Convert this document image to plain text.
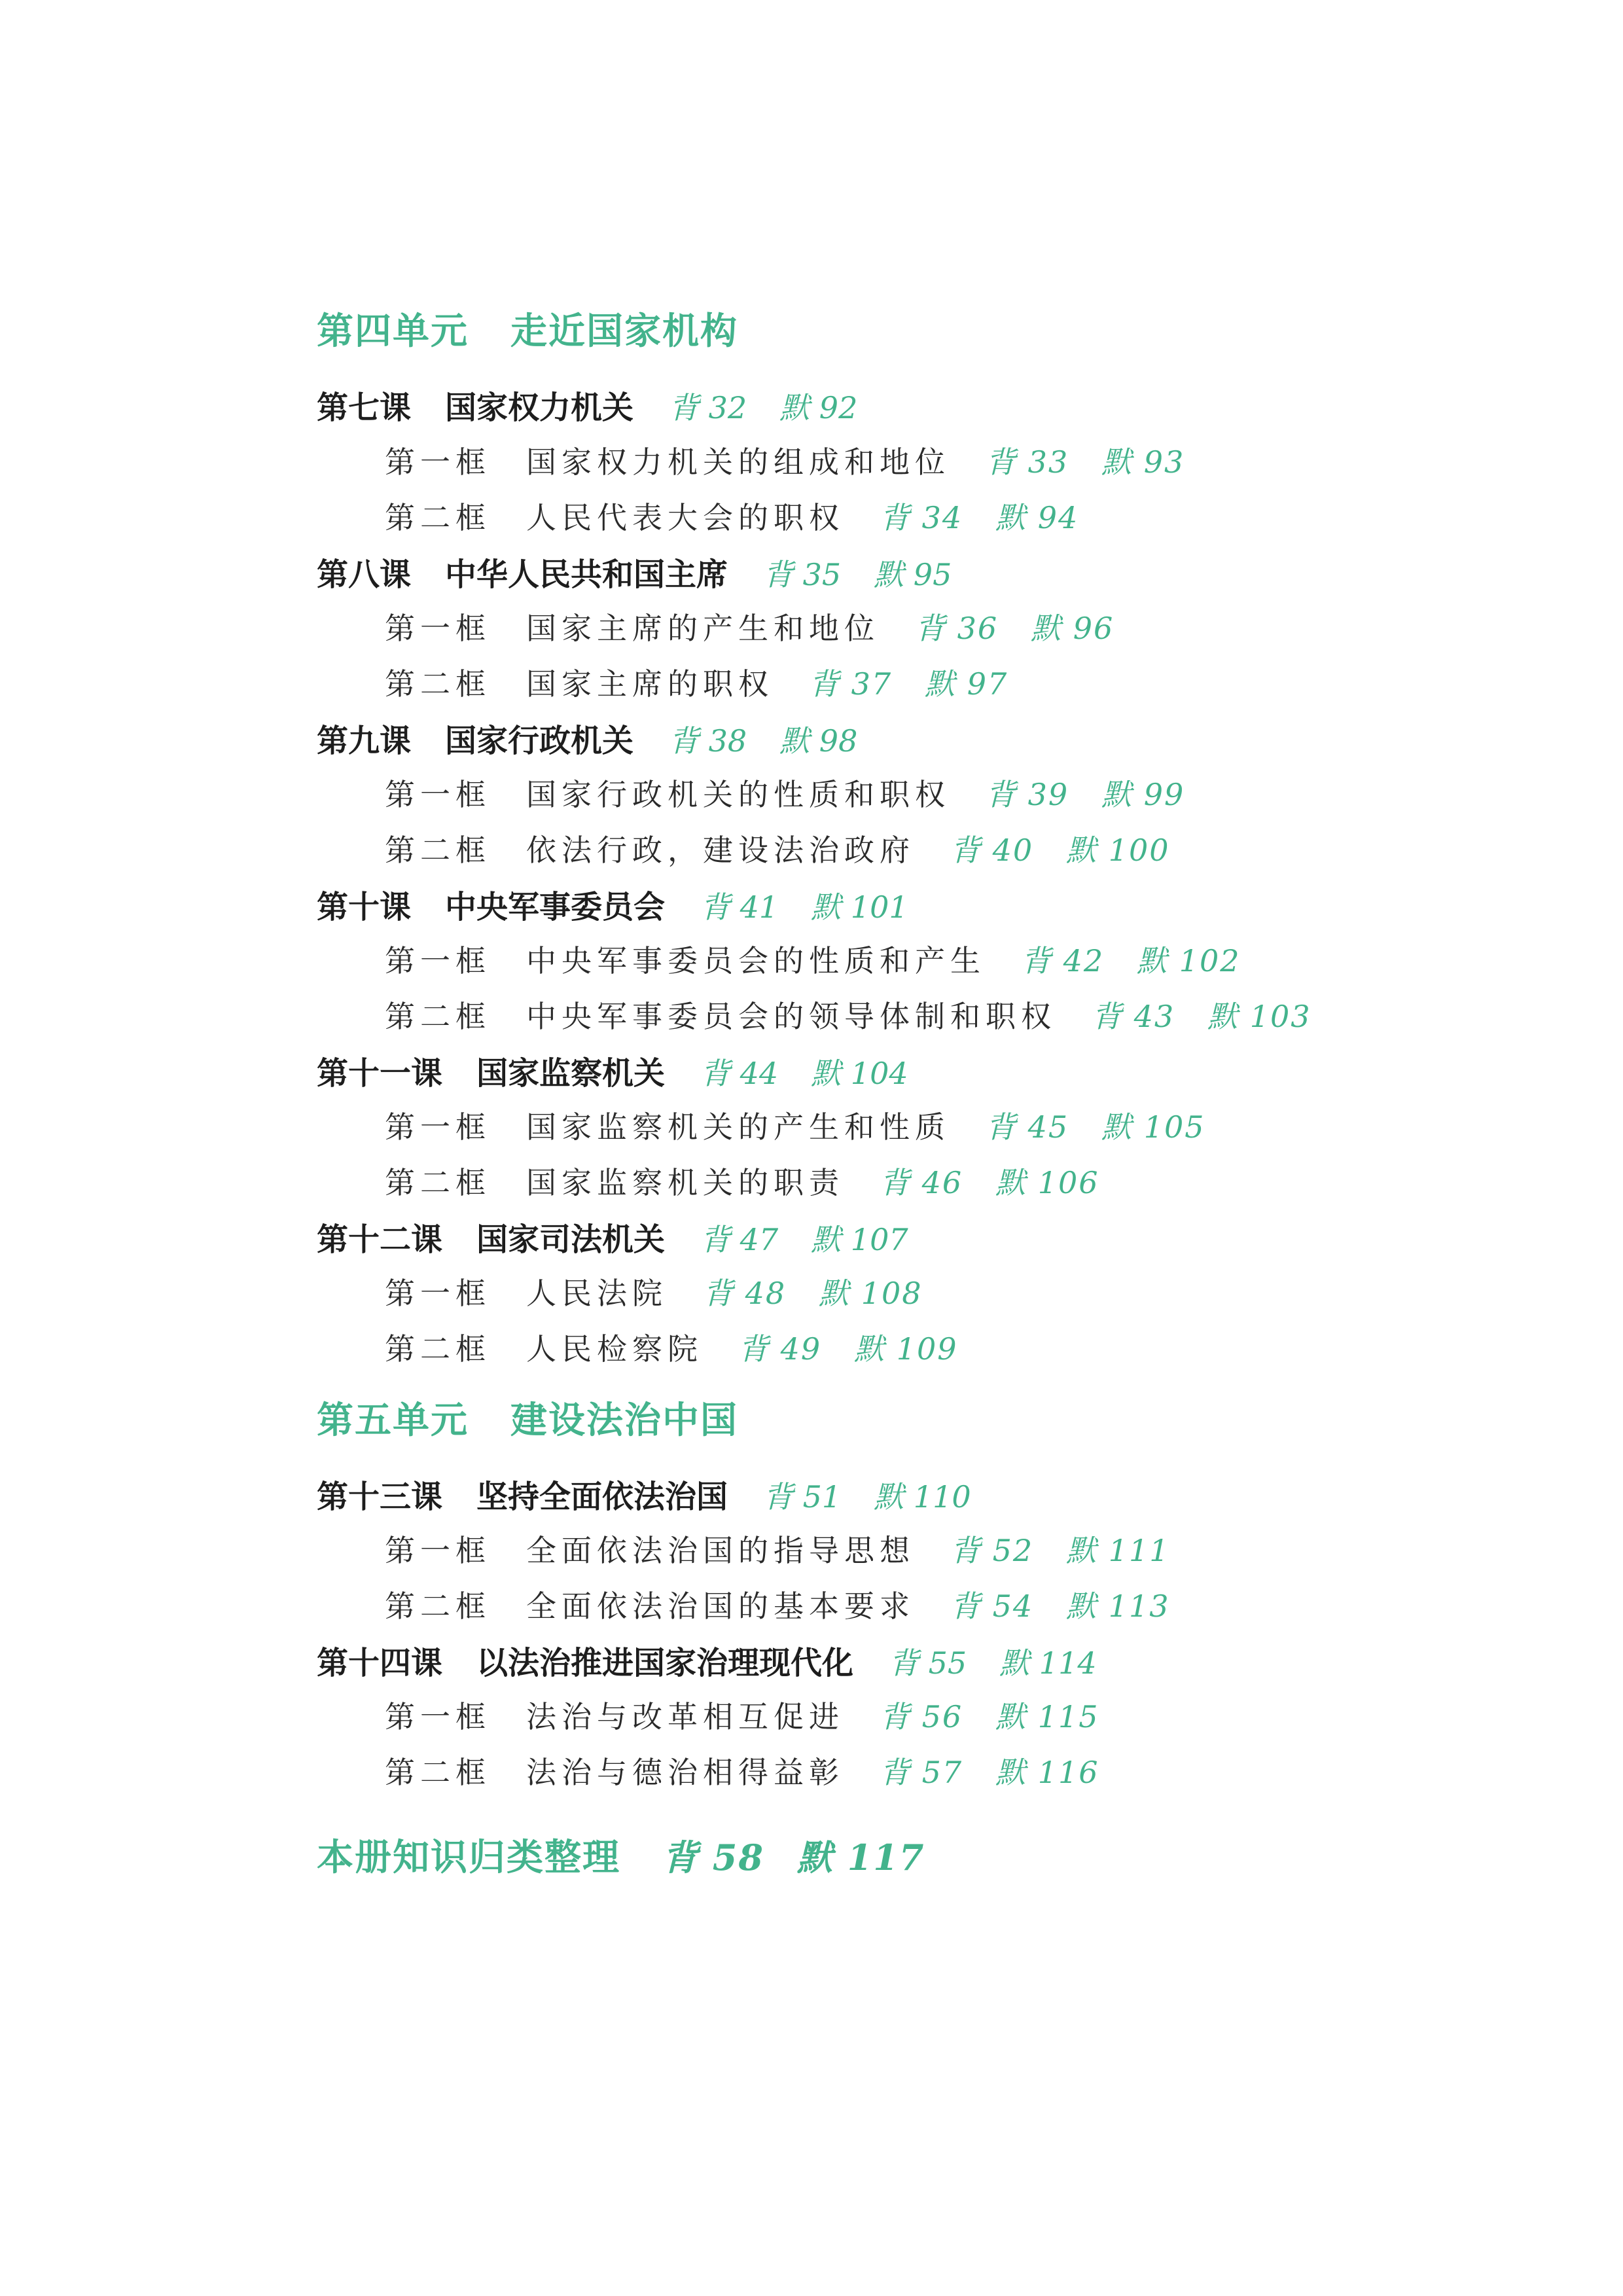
第四单元 走近国家机构
第七课 国家权力机关 背 32 默 92
第一框 国家权力机关的组成和地位 背 33 默 93
第二框 人民代表大会的职权 背 34 默 94
第八课 中华人民共和国主席 背 35 默 95
第一框 国家主席的产生和地位 背 36 默 96
第二框 国家主席的职权 背 37 默 97
第九课 国家行政机关 背 38 默 98
第一框 国家行政机关的性质和职权 背 39 默 99
第二框 依法行政，建设法治政府 背 40 默 100
第十课 中央军事委员会 背 41 默 101
第一框 中央军事委员会的性质和产生 背 42 默 102
第二框 中央军事委员会的领导体制和职权 背 43 默 103
第十一课 国家监察机关 背 44 默 104
第一框 国家监察机关的产生和性质 背 45 默 105
第二框 国家监察机关的职责 背 46 默 106
第十二课 国家司法机关 背 47 默 107
第一框 人民法院 背 48 默 108
第二框 人民检察院 背 49 默 109
第五单元 建设法治中国
第十三课 坚持全面依法治国 背 51 默 110
第一框 全面依法治国的指导思想 背 52 默 111
第二框 全面依法治国的基本要求 背 54 默 113
第十四课 以法治推进国家治理现代化 背 55 默 114
第一框 法治与改革相互促进 背 56 默 115
第二框 法治与德治相得益彰 背 57 默 116
本册知识归类整理 背 58 默 117
